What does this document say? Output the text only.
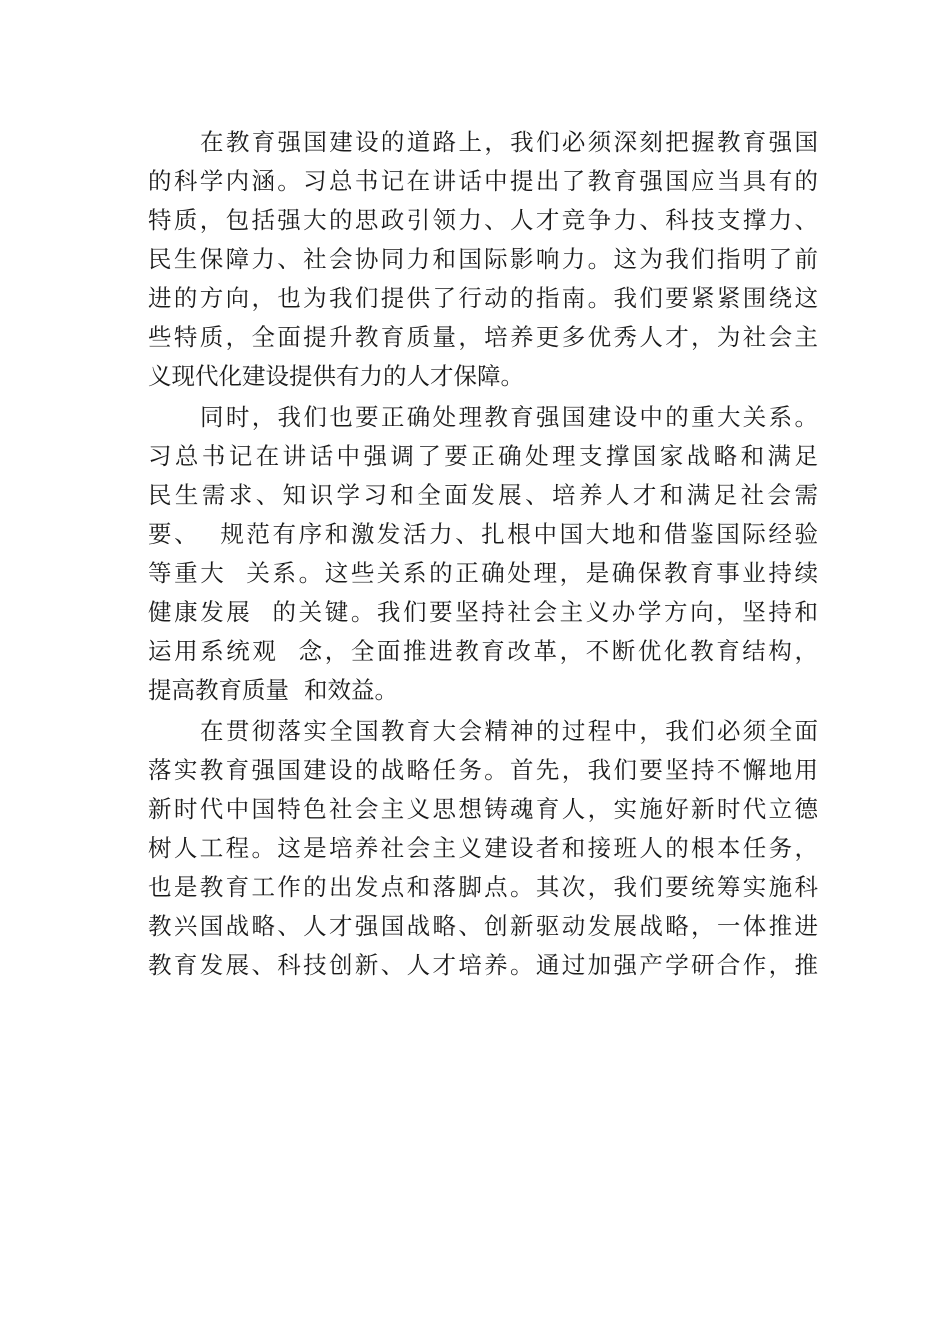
在教育强国建设的道路上，我们必须深刻把握教育强国
的科学内涵。习总书记在讲话中提出了教育强国应当具有的
特质，包括强大的思政引领力、人才竞争力、科技支撑力、
民生保障力、社会协同力和国际影响力。这为我们指明了前
进的方向，也为我们提供了行动的指南。我们要紧紧围绕这
些特质，全面提升教育质量，培养更多优秀人才，为社会主
义现代化建设提供有力的人才保障。
同时，我们也要正确处理教育强国建设中的重大关系。
习总书记在讲话中强调了要正确处理支撑国家战略和满足
民生需求、知识学习和全面发展、培养人才和满足社会需
要、  规范有序和激发活力、扎根中国大地和借鉴国际经验
等重大  关系。这些关系的正确处理，是确保教育事业持续
健康发展  的关键。我们要坚持社会主义办学方向，坚持和
运用系统观  念，全面推进教育改革，不断优化教育结构，
提高教育质量  和效益。
在贯彻落实全国教育大会精神的过程中，我们必须全面
落实教育强国建设的战略任务。首先，我们要坚持不懈地用
新时代中国特色社会主义思想铸魂育人，实施好新时代立德
树人工程。这是培养社会主义建设者和接班人的根本任务，
也是教育工作的出发点和落脚点。其次，我们要统筹实施科
教兴国战略、人才强国战略、创新驱动发展战略，一体推进
教育发展、科技创新、人才培养。通过加强产学研合作，推
